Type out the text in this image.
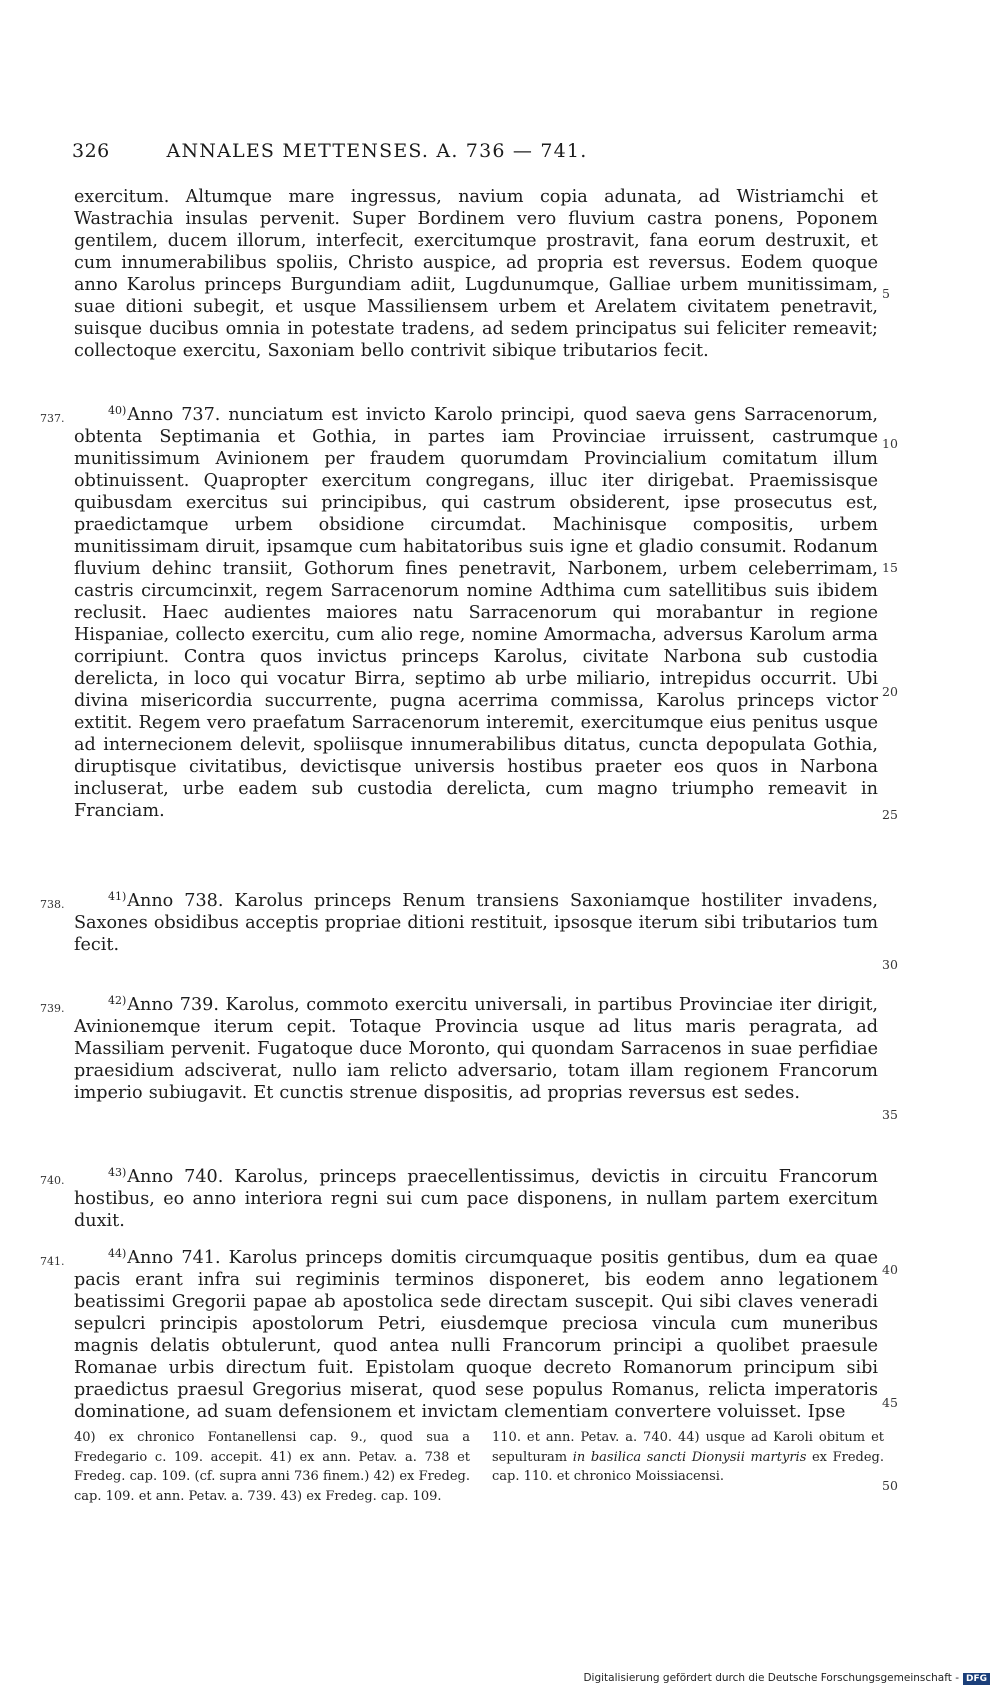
326	ANNALES METTENSES. A. 736 — 741.

exercitum. Altumque mare ingressus, navium copia adunata, ad Wistriamchi et Wastrachia insulas pervenit. Super Bordinem vero fluvium castra ponens, Poponem gentilem, ducem illorum, interfecit, exercitumque prostravit, fana eorum destruxit, et cum innumerabilibus spoliis, Christo auspice, ad propria est reversus. Eodem quoque anno Karolus princeps Burgundiam adiit, Lugdunumque, Galliae urbem munitissimam, suae ditioni subegit, et usque Massiliensem urbem et Arelatem civitatem penetravit, suisque ducibus omnia in potestate tradens, ad sedem principatus sui feliciter remeavit; collectoque exercitu, Saxoniam bello contrivit sibique tributarios fecit.

737.

$^{40)}$Anno 737. nunciatum est invicto Karolo principi, quod saeva gens Sarracenorum, obtenta Septimania et Gothia, in partes iam Provinciae irruissent, castrumque munitissimum Avinionem per fraudem quorumdam Provincialium comitatum illum obtinuissent. Quapropter exercitum congregans, illuc iter dirigebat. Praemissisque quibusdam exercitus sui principibus, qui castrum obsiderent, ipse prosecutus est, praedictamque urbem obsidione circumdat. Machinisque compositis, urbem munitissimam diruit, ipsamque cum habitatoribus suis igne et gladio consumit. Rodanum fluvium dehinc transiit, Gothorum fines penetravit, Narbonem, urbem celeberrimam, castris circumcinxit, regem Sarracenorum nomine Adthima cum satellitibus suis ibidem reclusit. Haec audientes maiores natu Sarracenorum qui morabantur in regione Hispaniae, collecto exercitu, cum alio rege, nomine Amormacha, adversus Karolum arma corripiunt. Contra quos invictus princeps Karolus, civitate Narbona sub custodia derelicta, in loco qui vocatur Birra, septimo ab urbe miliario, intrepidus occurrit. Ubi divina misericordia succurrente, pugna acerrima commissa, Karolus princeps victor extitit. Regem vero praefatum Sarracenorum interemit, exercitumque eius penitus usque ad internecionem delevit, spoliisque innumerabilibus ditatus, cuncta depopulata Gothia, diruptisque civitatibus, devictisque universis hostibus praeter eos quos in Narbona incluserat, urbe eadem sub custodia derelicta, cum magno triumpho remeavit in Franciam.

738.

$^{41)}$Anno 738. Karolus princeps Renum transiens Saxoniamque hostiliter invadens, Saxones obsidibus acceptis propriae ditioni restituit, ipsosque iterum sibi tributarios tum fecit.

739.

$^{42)}$Anno 739. Karolus, commoto exercitu universali, in partibus Provinciae iter dirigit, Avinionemque iterum cepit. Totaque Provincia usque ad litus maris peragrata, ad Massiliam pervenit. Fugatoque duce Moronto, qui quondam Sarracenos in suae perfidiae praesidium adsciverat, nullo iam relicto adversario, totam illam regionem Francorum imperio subiugavit. Et cunctis strenue dispositis, ad proprias reversus est sedes.

740.

$^{43)}$Anno 740. Karolus, princeps praecellentissimus, devictis in circuitu Francorum hostibus, eo anno interiora regni sui cum pace disponens, in nullam partem exercitum duxit.

741.

$^{44)}$Anno 741. Karolus princeps domitis circumquaque positis gentibus, dum ea quae pacis erant infra sui regiminis terminos disponeret, bis eodem anno legationem beatissimi Gregorii papae ab apostolica sede directam suscepit. Qui sibi claves veneradi sepulcri principis apostolorum Petri, eiusdemque preciosa vincula cum muneribus magnis delatis obtulerunt, quod antea nulli Francorum principi a quolibet praesule Romanae urbis directum fuit. Epistolam quoque decreto Romanorum principum sibi praedictus praesul Gregorius miserat, quod sese populus Romanus, relicta imperatoris dominatione, ad suam defensionem et invictam clementiam convertere voluisset. Ipse

5
10
15
20
25
30
35
40
45
40) ex chronico Fontanellensi cap. 9., quod sua a Fredegario c. 109. accepit. 41) ex ann. Petav. a. 738 et Fredeg. cap. 109. (cf. supra anni 736 finem.) 42) ex Fredeg. cap. 109. et ann. Petav. a. 739. 43) ex Fredeg. cap. 109.
110. et ann. Petav. a. 740. 44) usque ad Karoli obitum et sepulturam in basilica sancti Dionysii martyris ex Fredeg. cap. 110. et chronico Moissiacensi.
50
Digitalisierung gefördert durch die Deutsche Forschungsgemeinschaft - DFG
